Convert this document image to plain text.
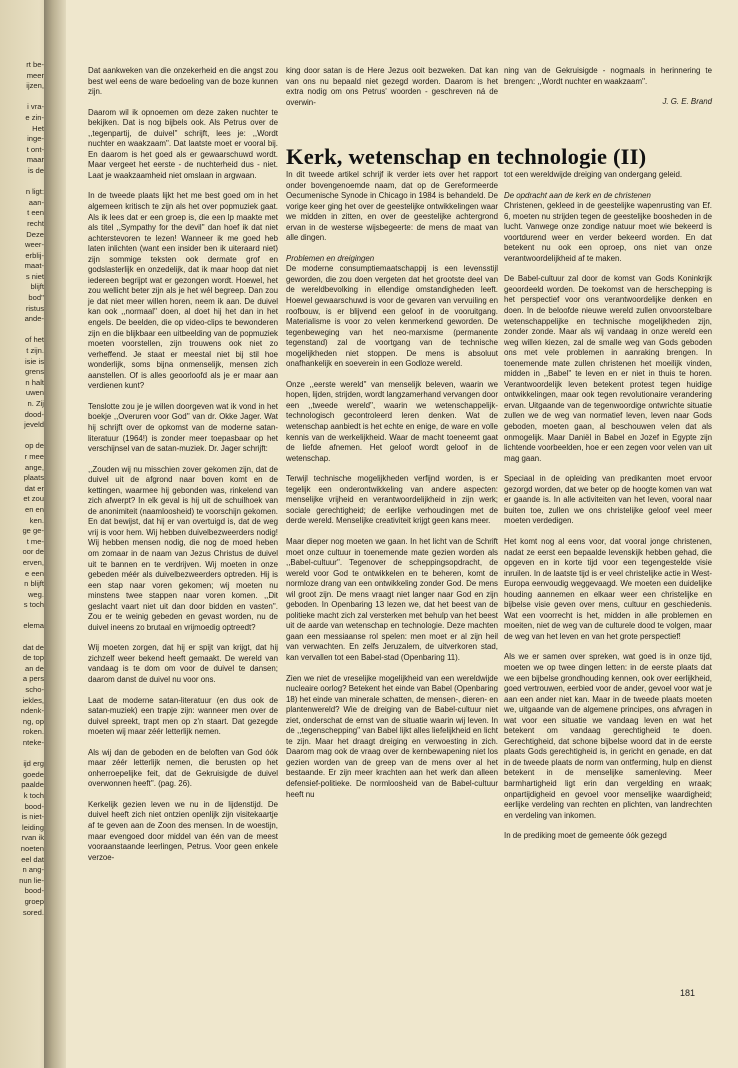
rt be-
meer
ijzen,

i vra-
e zin-
Het
inge-
t ont-
maar
is de

n ligt:
aan-
t een
recht
Deze
weer-
erblij-
maat-
s niet
blijft
bod''
ristus
ande-

of het
t zijn.
isie is
grens
n halt
uwen
n. Zij
dood-
jeveld

op de
r mee
ange,
plaats
dat er
et zou
en en
ken.
ge ge-
t me-
oor de
erven,
e een
n blijft
weg.
s toch

elema

dat de
de top
an de
a pers
scho-
iekles,
ndenk-
ng, op
roken.
nteke-

ijd erg
goede
paalde
k toch
bood-
is niet-
leiding
rvan ik
noeten
eel dat
n ang-
nun lie-
bood-
groep
sored.

Dat aankweken van die onzekerheid en die angst zou best wel eens de ware bedoeling van de boze kunnen zijn.

Daarom wil ik opnoemen om deze zaken nuchter te bekijken. Dat is nog bijbels ook. Als Petrus over de ,,tegenpartij, de duivel'' schrijft, lees je: ,,Wordt nuchter en waakzaam''. Dat laatste moet er vooral bij. En daarom is het goed als er gewaarschuwd wordt. Maar vergeet het eerste - de nuchterheid dus - niet. Laat je waakzaamheid niet omslaan in argwaan.

In de tweede plaats lijkt het me best goed om in het algemeen kritisch te zijn als het over popmuziek gaat. Als ik lees dat er een groep is, die een lp maakte met als titel ,,Sympathy for the devil'' dan hoef ik dat niet achterstevoren te lezen! Wanneer ik me goed heb laten inlichten (want een insider ben ik uiteraard niet) zijn sommige teksten ook dermate grof en godslasterlijk en onzedelijk, dat ik maar hoop dat niet iedereen begrijpt wat er gezongen wordt. Hoewel, het zou wellicht beter zijn als je het wél begreep. Dan zou je dat niet meer willen horen, neem ik aan. De duivel kan ook ,,normaal'' doen, al doet hij het dan in het engels. De beelden, die op video-clips te bewonderen zijn en die blijkbaar een uitbeelding van de popmuziek moeten voorstellen, zijn trouwens ook niet zo verheffend. Je staat er meestal niet bij stil hoe wonderlijk, soms bijna onmenselijk, mensen zich aanstellen. Of is alles geoorloofd als je er maar aan verdienen kunt?

Tenslotte zou je je willen doorgeven wat ik vond in het boekje ,,Overuren voor God'' van dr. Okke Jager. Wat hij schrijft over de opkomst van de moderne satan-literatuur (1964!) is zonder meer toepasbaar op het verschijnsel van de satan-muziek. Dr. Jager schrijft:

,,Zouden wij nu misschien zover gekomen zijn, dat de duivel uit de afgrond naar boven komt en de kettingen, waarmee hij gebonden was, rinkelend van zich afwerpt? In elk geval is hij uit de schuilhoek van de anonimiteit (naamloosheid) te voorschijn gekomen. En dat bewijst, dat hij er van overtuigd is, dat de weg vrij is voor hem. Wij hebben duivelbezweerders nodig! Wij hebben mensen nodig, die nog de moed heben om zomaar in de naam van Jezus Christus de duivel uit te bannen en te verdrijven. Wij moeten in onze gebeden méér als duivelbezweerders optreden. Hij is een stap naar voren gekomen; wij moeten nu minstens twee stappen naar voren komen. ,,Dit geslacht vaart niet uit dan door bidden en vasten''. Zou er te weinig gebeden en gevast worden, nu de duivel ineens zo brutaal en vrijmoedig optreedt?

Wij moeten zorgen, dat hij er spijt van krijgt, dat hij zichzelf weer bekend heeft gemaakt. De wereld van vandaag is te dom om voor de duivel te dansen; daarom danst de duivel nu voor ons.

Laat de moderne satan-literatuur (en dus ook de satan-muziek) een trapje zijn: wanneer men over de duivel spreekt, trapt men op z'n staart. Dat gezegde moeten wij maar zéér letterlijk nemen.

Als wij dan de geboden en de beloften van God óók maar zéér letterlijk nemen, die berusten op het onherroepelijke feit, dat de Gekruisigde de duivel overwonnen heeft''. (pag. 26).

Kerkelijk gezien leven we nu in de lijdenstijd. De duivel heeft zich niet ontzien openlijk zijn visitekaartje af te geven aan de Zoon des mensen. In de woestijn, maar evengoed door middel van één van de meest vooraanstaande leerlingen, Petrus. Voor geen enkele verzoe-

king door satan is de Here Jezus ooit bezweken. Dat kan van ons nu bepaald niet gezegd worden. Daarom is het extra nodig om ons Petrus' woorden - geschreven ná de overwin-

ning van de Gekruisigde - nogmaals in herinnering te brengen: ,,Wordt nuchter en waakzaam''.

J. G. E. Brand

Kerk, wetenschap en technologie (II)

In dit tweede artikel schrijf ik verder iets over het rapport onder bovengenoemde naam, dat op de Gereformeerde Oecumenische Synode in Chicago in 1984 is behandeld. De vorige keer ging het over de geestelijke ontwikkelingen waar we midden in zitten, en over de geestelijke achtergrond ervan in de westerse wijsbegeerte: de mens de maat van alle dingen.

Problemen en dreigingen
De moderne consumptiemaatschappij is een levensstijl geworden, die zou doen vergeten dat het grootste deel van de wereldbevolking in ellendige omstandigheden leeft. Hoewel gewaarschuwd is voor de gevaren van vervuiling en roofbouw, is er blijvend een geloof in de vooruitgang. Materialisme is voor zo velen kenmerkend geworden. De tegenbeweging van het neo-marxisme (permanente tegenstand) zal de voortgang van de technische mogelijkheden niet stoppen. De mens is absoluut onafhankelijk en soeverein in een Godloze wereld.

Onze ,,eerste wereld'' van menselijk beleven, waarin we hopen, lijden, strijden, wordt langzamerhand vervangen door een ,,tweede wereld'', waarin we wetenschappelijk-technologisch gecontroleerd leren denken. Wat de wetenschap aanbiedt is het echte en enige, de ware en volle kennis van de werkelijkheid. Waar de macht toeneemt gaat de liefde afnemen. Het geloof wordt geloof in de wetenschap.

Terwijl technische mogelijkheden verfijnd worden, is er tegelijk een onderontwikkeling van andere aspecten: menselijke vrijheid en verantwoordelijkheid in zijn werk; sociale gerechtigheid; de eerlijke verhoudingen met de derde wereld. Menselijke creativiteit krijgt geen kans meer.

Maar dieper nog moeten we gaan. In het licht van de Schrift moet onze cultuur in toenemende mate gezien worden als ,,Babel-cultuur''. Tegenover de scheppingsopdracht, de wereld voor God te ontwikkelen en te beheren, komt de normloze drang van een ontwikkeling zonder God. De mens wil groot zijn. De mens vraagt niet langer naar God en zijn geboden. In Openbaring 13 lezen we, dat het beest van de politieke macht zich zal versterken met behulp van het beest uit de aarde van wetenschap en technologie. Deze machten gaan een messiaanse rol spelen: men moet er al zijn heil van verwachten. En zelfs Jeruzalem, de uitverkoren stad, kan vervallen tot een Babel-stad (Openbaring 11).

Zien we niet de vreselijke mogelijkheid van een wereldwijde nucleaire oorlog? Betekent het einde van Babel (Openbaring 18) het einde van minerale schatten, de mensen-, dieren- en plantenwereld? Wie de dreiging van de Babel-cultuur niet ziet, onderschat de ernst van de situatie waarin wij leven. In de ,,tegenschepping'' van Babel lijkt alles liefelijkheid en licht te zijn. Maar het draagt dreiging en verwoesting in zich. Daarom mag ook de vraag over de kernbewapening niet los gezien worden van de greep van de mens over al het bestaande. Er zijn meer krachten aan het werk dan alleen defensief-politieke. De normloosheid van de Babel-cultuur heeft nu

tot een wereldwijde dreiging van ondergang geleid.

De opdracht aan de kerk en de christenen
Christenen, gekleed in de geestelijke wapenrusting van Ef. 6, moeten nu strijden tegen de geestelijke boosheden in de lucht. Vanwege onze zondige natuur moet wie bekeerd is voortdurend weer en verder bekeerd worden. En dat betekent nu ook een oproep, ons niet van onze verantwoordelijkheid af te maken.

De Babel-cultuur zal door de komst van Gods Koninkrijk geoordeeld worden. De toekomst van de herschepping is het perspectief voor ons verantwoordelijke denken en doen. In de beloofde nieuwe wereld zullen onvoorstelbare wetenschappelijke en technische mogelijkheden zijn, zonder zonde. Maar als wij vandaag in onze wereld een weg willen kiezen, zal de smalle weg van Gods geboden ons met vele problemen in aanraking brengen. In toenemende mate zullen christenen het moeilijk vinden, midden in ,,Babel'' te leven en er niet in thuis te horen. Verantwoordelijk leven betekent protest tegen huidige ontwikkelingen, maar ook tegen revolutionaire verandering ervan. Uitgaande van de tegenwoordige ontwrichte situatie zullen we de weg van normatief leven, leven naar Gods geboden, moeten gaan, al beschouwen velen dat als onmogelijk. Maar Daniël in Babel en Jozef in Egypte zijn lichtende voorbeelden, hoe er een zegen voor velen van uit mag gaan.

Speciaal in de opleiding van predikanten moet ervoor gezorgd worden, dat we beter op de hoogte komen van wat er gaande is. In alle activiteiten van het leven, vooral naar buiten toe, zullen we ons christelijke geloof veel meer moeten verdedigen.

Het komt nog al eens voor, dat vooral jonge christenen, nadat ze eerst een bepaalde levenskijk hebben gehad, die opgeven en in korte tijd voor een tegengestelde visie inruilen. In de laatste tijd is er veel christelijke actie in West-Europa eenvoudig weggevaagd. We moeten een duidelijke houding aannemen en elkaar weer een christelijke en bijbelse visie geven over mens, cultuur en geschiedenis. Wat een voorrecht is het, midden in alle problemen en moeiten, niet de weg van de culturele dood te volgen, maar de weg van het leven en van het grote perspectief!

Als we er samen over spreken, wat goed is in onze tijd, moeten we op twee dingen letten: in de eerste plaats dat we een bijbelse grondhouding kennen, ook over eerlijkheid, goed vertrouwen, eerbied voor de ander, gevoel voor wat je aan een ander niet kan. Maar in de tweede plaats moeten we, uitgaande van de algemene principes, ons afvragen in wat voor een situatie we vandaag leven en wat het betekent om vandaag gerechtigheid te doen. Gerechtigheid, dat schone bijbelse woord dat in de eerste plaats Gods gerechtigheid is, in gericht en genade, en dat in de tweede plaats de norm van ontferming, hulp en dienst betekent in de menselijke samenleving. Meer barmhartigheid ligt erin dan vergelding en wraak; onpartijdigheid en gevoel voor menselijke waardigheid; eerlijke verdeling van rechten en plichten, van landrechten en verdeling van inkomen.

In de prediking moet de gemeente óók gezegd

181
